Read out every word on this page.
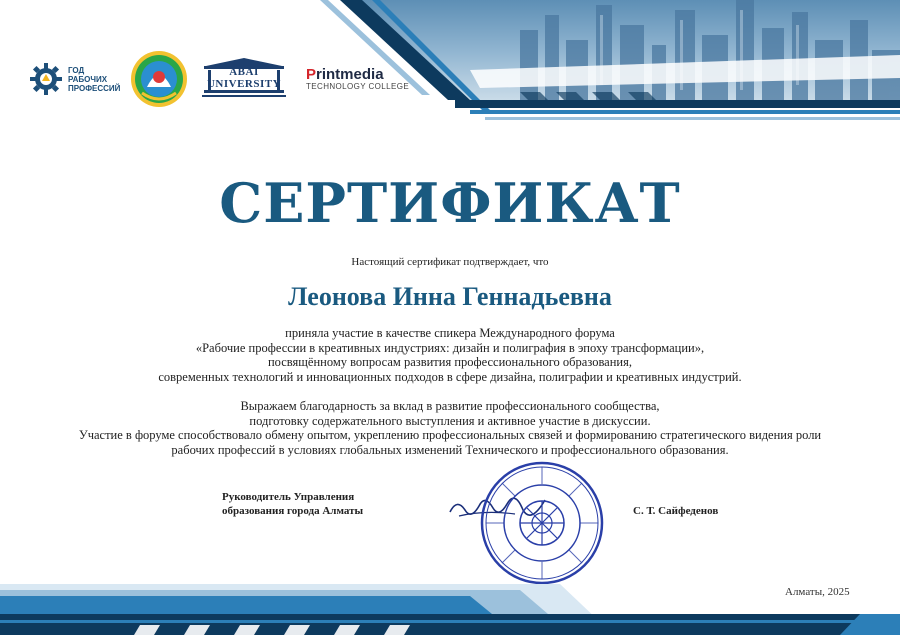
ГОД
РАБОЧИХ
ПРОФЕССИЙ
ABAI UNIVERSITY
Printmedia
TECHNOLOGY COLLEGE
СЕРТИФИКАТ
Настоящий сертификат подтверждает, что
Леонова Инна Геннадьевна
приняла участие в качестве спикера Международного форума
«Рабочие профессии в креативных индустриях: дизайн и полиграфия в эпоху трансформации»,
посвящённому вопросам развития профессионального образования,
современных технологий и инновационных подходов в сфере дизайна, полиграфии и креативных индустрий.
Выражаем благодарность за вклад в развитие профессионального сообщества,
подготовку содержательного выступления и активное участие в дискуссии.
Участие в форуме способствовало обмену опытом, укреплению профессиональных связей и формированию стратегического видения роли
рабочих профессий в условиях глобальных изменений Технического и профессионального образования.
Руководитель Управления
образования города Алматы	С. Т. Сайфеденов
Алматы, 2025
